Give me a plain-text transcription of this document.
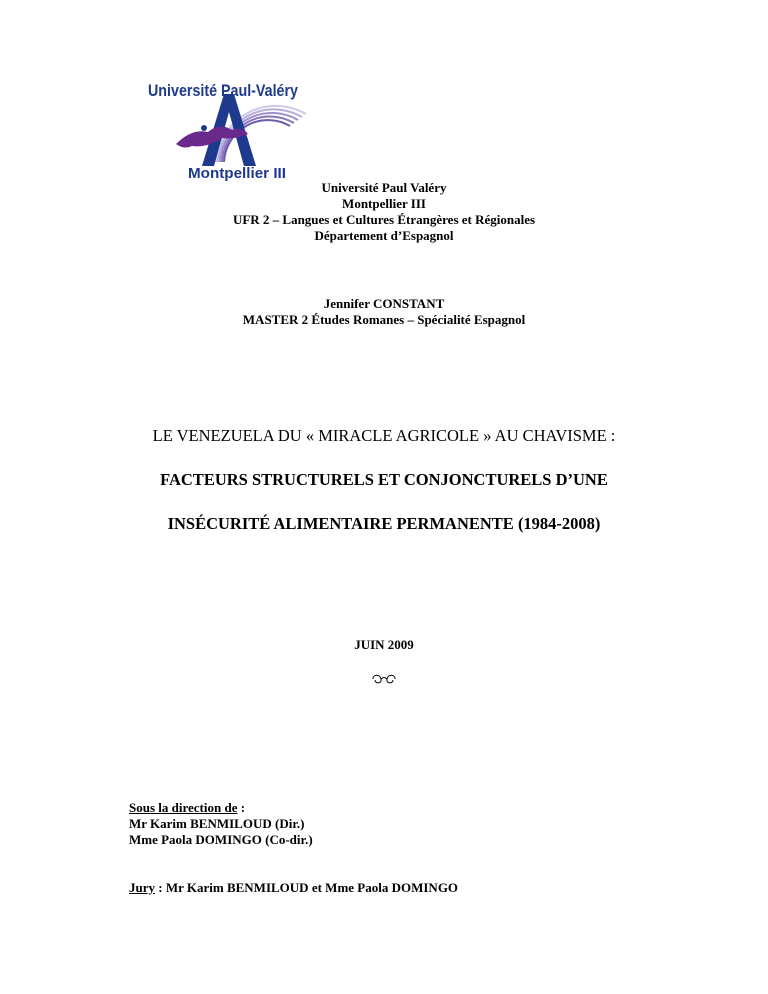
Université Paul-Valéry
Montpellier III
Université Paul Valéry
Montpellier III
UFR 2 – Langues et Cultures Étrangères et Régionales
Département d’Espagnol
Jennifer CONSTANT
MASTER 2 Études Romanes – Spécialité Espagnol
LE VENEZUELA DU « MIRACLE AGRICOLE » AU CHAVISME :
FACTEURS STRUCTURELS ET CONJONCTURELS D’UNE
INSÉCURITÉ ALIMENTAIRE PERMANENTE (1984-2008)
JUIN 2009
Sous la direction de :
Mr Karim BENMILOUD (Dir.)
Mme Paola DOMINGO (Co-dir.)
Jury : Mr Karim BENMILOUD et Mme Paola DOMINGO
